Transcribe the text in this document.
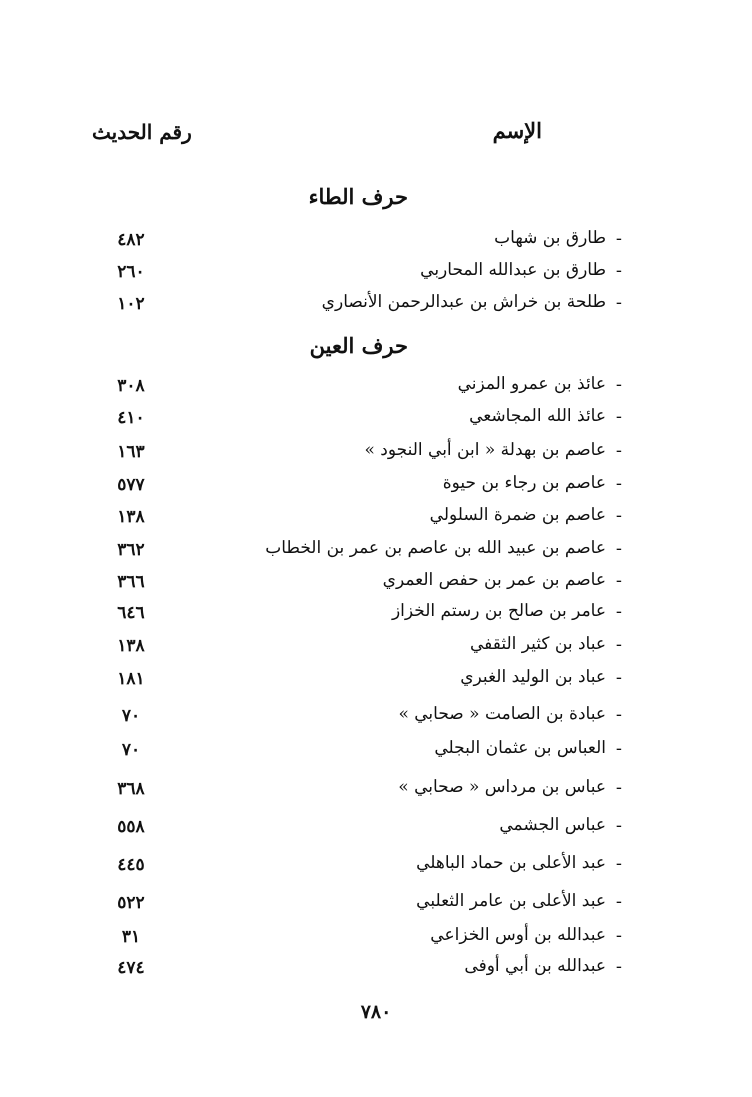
الإسم
رقم الحديث
حرف الطاء
-
طارق بن شهاب
٤٨٢
-
طارق بن عبدالله المحاربي
٢٦٠
-
طلحة بن خراش بن عبدالرحمن الأنصاري
١٠٢
حرف العين
-
عائذ بن عمرو المزني
٣٠٨
-
عائذ الله المجاشعي
٤١٠
-
عاصم بن بهدلة « ابن أبي النجود »
١٦٣
-
عاصم بن رجاء بن حيوة
٥٧٧
-
عاصم بن ضمرة السلولي
١٣٨
-
عاصم بن عبيد الله بن عاصم بن عمر بن الخطاب
٣٦٢
-
عاصم بن عمر بن حفص العمري
٣٦٦
-
عامر بن صالح بن رستم الخزاز
٦٤٦
-
عباد بن كثير الثقفي
١٣٨
-
عباد بن الوليد الغبري
١٨١
-
عبادة بن الصامت « صحابي »
٧٠
-
العباس بن عثمان البجلي
٧٠
-
عباس بن مرداس « صحابي »
٣٦٨
-
عباس الجشمي
٥٥٨
-
عبد الأعلى بن حماد الباهلي
٤٤٥
-
عبد الأعلى بن عامر الثعلبي
٥٢٢
-
عبدالله بن أوس الخزاعي
٣١
-
عبدالله بن أبي أوفى
٤٧٤
٧٨٠
